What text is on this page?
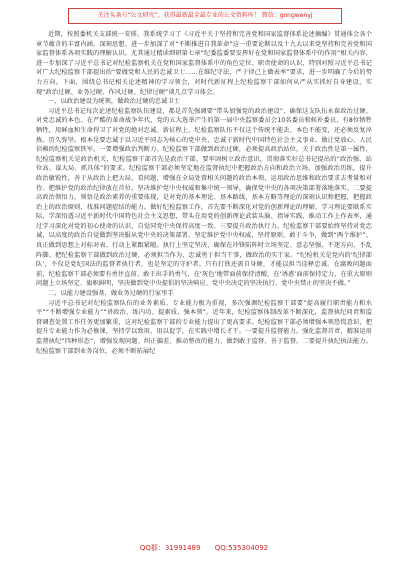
关注头条号“公文研究”，获得最新最全最专业的公文资料库！ 微信：gongwenyj

近期，按照委机关支部统一安排，我系统学习了《习近平关于坚持和完善党和国家监督体系论述摘编》贯通体会各个章节蕴含的丰富内涵，深刻思想。进一步加深了对“不断推进自我革命”这一重要论断以及十九大以来党坚持和完善党和国家监督体系各项实践的理解认识。尤其通过精读细研第七章“纪委监委要发挥好在党和国家监督体系中的作用”相关内容，进一步加深了习近平总书记对纪检监察机关在党和国家监督体系中的角色定位、职责使命的认识，特别对照习近平总书记对广大纪检监察干部提出的“要做党和人民的忠诚卫士……在维纪守法、严于律己上做表率”要求，进一步明确了今后的努力方向。下面，围绕总书记相关论述精神的学习领会，对时代新征程上纪检监察干部如何从严从实抓好自身建设，实现“政治过硬、业务过硬、作风过硬、纪律过硬”谈几点学习体会。

一、以政治建设为统领，做政治过硬的忠诚卫士

习近平总书记每次论述纪检监察队伍建设，都是首先强调要“带头加强党的政治建设”，确保这支队伍永葆政治过硬、对党忠诚的本色。在严酷的革命战争年代，党的五大选举产生的第一届中央监察委员会10名委员和候补委员，有8位牺牲牺牲，用鲜血和生命捍卫了对党的绝对忠诚。新征程上，纪检监察队伍不仅这个传统不能丢、本色不能变，还必须反复淬炼、历久弥坚。根本是要忠诚于以习近平同志为核心的党中央，忠诚于新时代中国特色社会主义事业。做让党放心、人民信赖的纪检监察铁军。一要增强政治判断力。纪检监察干部做到政治过硬，必须提高政治站位，关于政治性是第一属性，纪检监察机关是政治机关，纪检监察干部首先是政治干部，要牢固树立政治意识，贯彻落实好总书记提出的“政治强、站位高、谋大局、抓具体”的要求。纪检监察干部必须坚定地在监督执纪中把握政治方向和政治立场，加强政治历练，提升政治敏锐性，善于从政治上把大局、看问题，增强在全局处置相关问题的政治本领，运用政治思维和政治要求去考量和对待。把维护党的政治纪律放在首位，坚决维护党中央权威和集中统一领导，确保党中央的各项决策部署落地落实。二要提高政治领悟力。领悟是政治素养的重要体现，是对党的基本理论、基本路线、基本方略等理论的深刻认识和把握，把握政治上的政治原则，找准问题症结的能力。做好纪检监察工作，首先要不断深化对党的创新理论的理解，学习理论要联系实际，学深悟透习近平新时代中国特色社会主义思想，带头在用党的创新理论武装头脑、指导实践、推动工作上作表率，通过学习深化对党的初心使命的认识，自觉同党中央保持高度一致。三要提升政治执行力。纪检监察干部要始终坚持对党忠诚，以高度的政治自觉做到坚决服从党中央的决策部署、坚定维护党中央权威，坚持原则、敢于斗争，做到“两个维护”、真正做到思想上对标对表、行动上紧跟紧随。执行上坚定坚决，确保在冲锋陷阵时立场坚定、意志坚强、不迷方向、不乱阵脚。把纪检监察干部做到政治过硬，必须担当作为、忠诚勇于担当干事，做政治的实干家。“纪检机关是党内的‘纪律部队’，不仅是党纪国法的监督者执行者，也是坚定的守护者。只有打铁还需自身硬，才能以担当诠释忠诚。在腐败问题面前，纪检监察干部必须要有勇往直前、敢于出手的勇气，在‘灰色’地带面前保持清醒，在‘诱惑’面前保持定力，在重大原则问题上立场坚定、旗帜鲜明，坚决做到党中央提倡的坚决响应、党中央决定的坚决执行、党中央禁止的坚决不做。”

二、以能力建设强基，做业务过硬的行家里手

习近平总书记对纪检监察队伍的业务素质、专业能力极为重视，多次强调纪检监察干部要“提高履行职责能力和水平”“不断增强专业能力”“讲政治、练内功、提素质、强本领”。近年来，纪检监察体制改革不断深化，监督执纪问责和监督调查处置工作任务更加繁重，这对纪检监察干部的专业能力提出了更高要求。纪检监察干部必须增强本领恐慌意识，把提升专业能力作为必修课，坚持学以致用、用以促学，在实践中增长才干。一要提升监督能力。强化监督首责，精准运用监督执纪“四种形态”，增强发现问题、纠正偏差、推动整改的能力，做到敢于监督、善于监督。二要提升执纪执法能力。纪检监察干部到业务岗位，必须不断拓展纪

QQ群：31991489 QQ:535304092
